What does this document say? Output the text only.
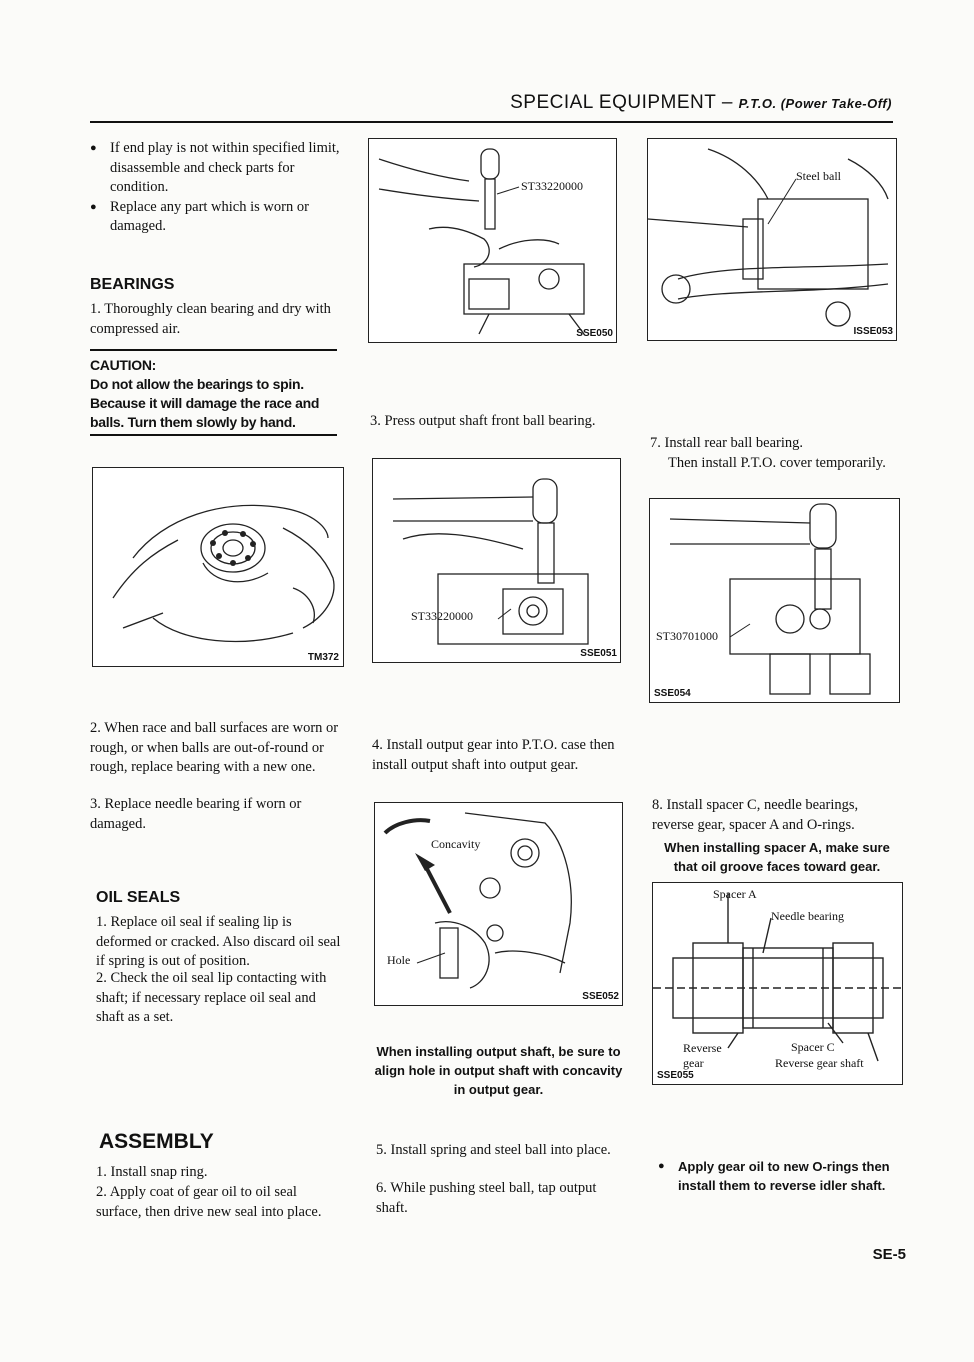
SPECIAL EQUIPMENT – P.T.O. (Power Take-Off)
● If end play is not within specified limit, disassemble and check parts for condition.
● Replace any part which is worn or damaged.
BEARINGS
1. Thoroughly clean bearing and dry with compressed air.
CAUTION:
Do not allow the bearings to spin. Because it will damage the race and balls. Turn them slowly by hand.
TM372
2. When race and ball surfaces are worn or rough, or when balls are out-of-round or rough, replace bearing with a new one.
3. Replace needle bearing if worn or damaged.
OIL SEALS
1. Replace oil seal if sealing lip is deformed or cracked. Also discard oil seal if spring is out of position.
2. Check the oil seal lip contacting with shaft; if necessary replace oil seal and shaft as a set.
ASSEMBLY
1. Install snap ring.
2. Apply coat of gear oil to oil seal surface, then drive new seal into place.
ST33220000
SSE050
3. Press output shaft front ball bearing.
ST33220000
SSE051
4. Install output gear into P.T.O. case then install output shaft into output gear.
Concavity
Hole
SSE052
When installing output shaft, be sure to align hole in output shaft with concavity in output gear.
5. Install spring and steel ball into place.
6. While pushing steel ball, tap output shaft.
Steel ball
ISSE053
7. Install rear ball bearing.
Then install P.T.O. cover temporarily.
ST30701000
SSE054
8. Install spacer C, needle bearings, reverse gear, spacer A and O-rings.
When installing spacer A, make sure that oil groove faces toward gear.
Spacer A
Needle bearing
Reverse
gear
Spacer C
Reverse gear shaft
SSE055
● Apply gear oil to new O-rings then install them to reverse idler shaft.
SE-5
